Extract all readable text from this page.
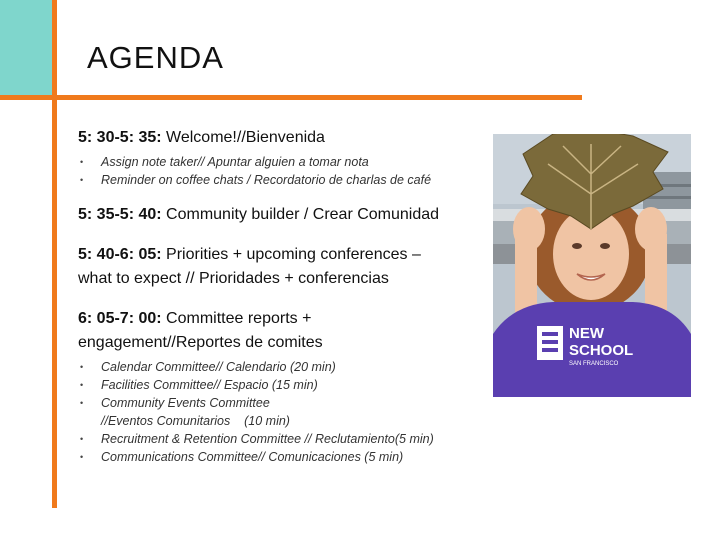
AGENDA
5: 30-5: 35: Welcome!//Bienvenida
• Assign note taker// Apuntar alguien a tomar nota
• Reminder on coffee chats / Recordatorio de charlas de café
5: 35-5: 40: Community builder / Crear Comunidad
5: 40-6: 05: Priorities + upcoming conferences –
what to expect // Prioridades + conferencias
6: 05-7: 00: Committee reports +
engagement//Reportes de comites
• Calendar Committee// Calendario (20 min)
• Facilities Committee// Espacio (15 min)
• Community Events Committee
//Eventos Comunitarios    (10 min)
• Recruitment & Retention Committee // Reclutamiento(5 min)
• Communications Committee// Comunicaciones (5 min)
NEW
SCHOOL
SAN FRANCISCO
